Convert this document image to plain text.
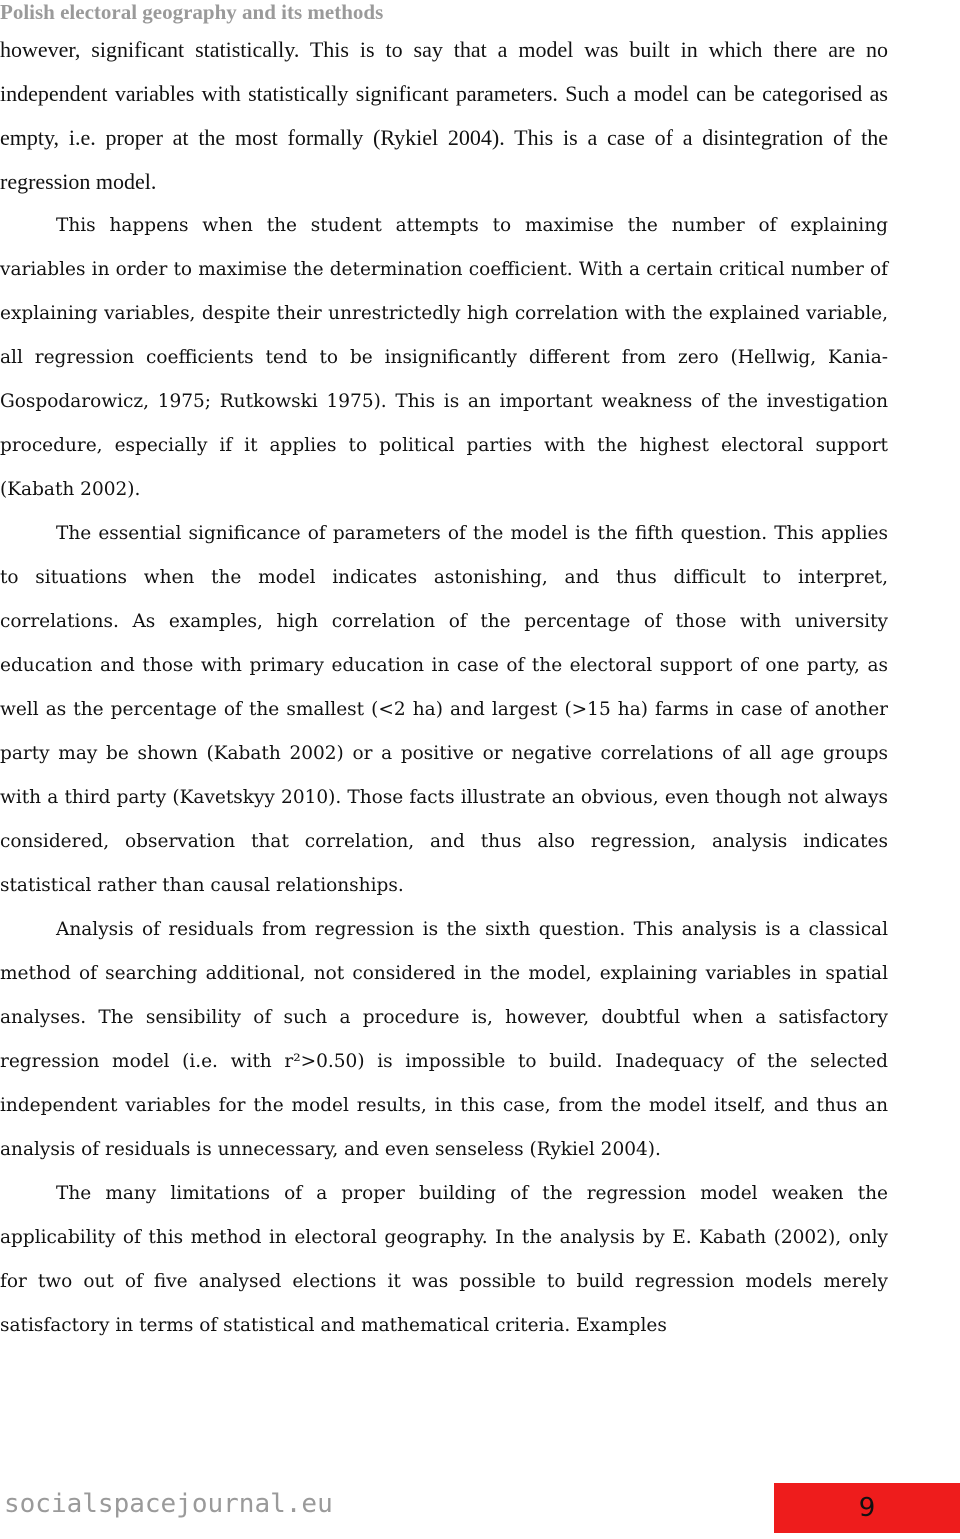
Polish electoral geography and its methods

however, significant statistically. This is to say that a model was built in which there are no independent variables with statistically significant parameters. Such a model can be categorised as empty, i.e. proper at the most formally (Rykiel 2004). This is a case of a disintegration of the regression model.

This happens when the student attempts to maximise the number of explaining variables in order to maximise the determination coefficient. With a certain critical number of explaining variables, despite their unrestrictedly high correlation with the explained variable, all regression coefficients tend to be insignificantly different from zero (Hellwig, Kania-Gospodarowicz, 1975; Rutkowski 1975). This is an important weakness of the investigation procedure, especially if it applies to political parties with the highest electoral support (Kabath 2002).

The essential significance of parameters of the model is the fifth question. This applies to situations when the model indicates astonishing, and thus difficult to interpret, correlations. As examples, high correlation of the percentage of those with university education and those with primary education in case of the electoral support of one party, as well as the percentage of the smallest (<2 ha) and largest (>15 ha) farms in case of another party may be shown (Kabath 2002) or a positive or negative correlations of all age groups with a third party (Kavetskyy 2010). Those facts illustrate an obvious, even though not always considered, observation that correlation, and thus also regression, analysis indicates statistical rather than causal relationships.

Analysis of residuals from regression is the sixth question. This analysis is a classical method of searching additional, not considered in the model, explaining variables in spatial analyses. The sensibility of such a procedure is, however, doubtful when a satisfactory regression model (i.e. with r²>0.50) is impossible to build. Inadequacy of the selected independent variables for the model results, in this case, from the model itself, and thus an analysis of residuals is unnecessary, and even senseless (Rykiel 2004).

The many limitations of a proper building of the regression model weaken the applicability of this method in electoral geography. In the analysis by E. Kabath (2002), only for two out of five analysed elections it was possible to build regression models merely satisfactory in terms of statistical and mathematical criteria. Examples

socialspacejournal.eu	9
